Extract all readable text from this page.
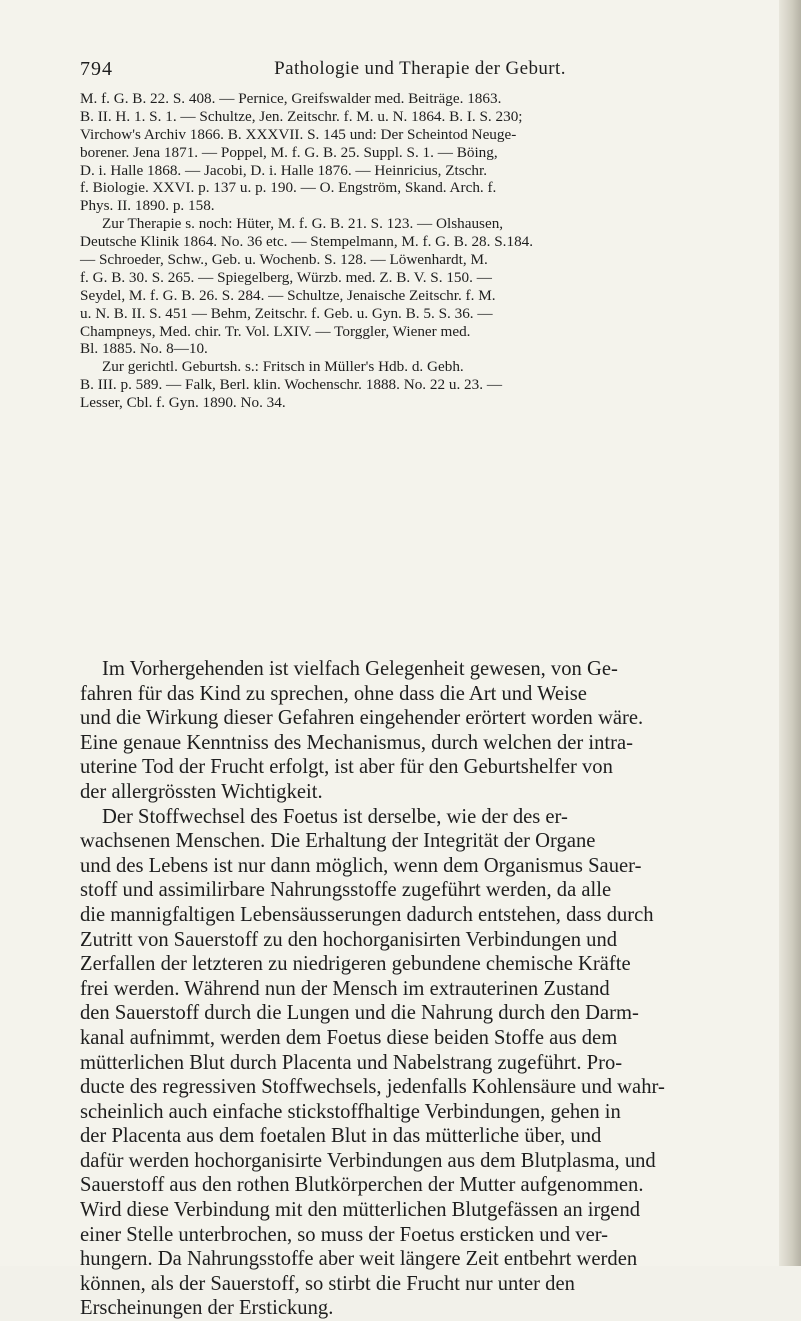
794	Pathologie und Therapie der Geburt.
M. f. G. B. 22. S. 408. — Pernice, Greifswalder med. Beiträge. 1863.
B. II. H. 1. S. 1. — Schultze, Jen. Zeitschr. f. M. u. N. 1864. B. I. S. 230;
Virchow's Archiv 1866. B. XXXVII. S. 145 und: Der Scheintod Neuge-
borener. Jena 1871. — Poppel, M. f. G. B. 25. Suppl. S. 1. — Böing,
D. i. Halle 1868. — Jacobi, D. i. Halle 1876. — Heinricius, Ztschr.
f. Biologie. XXVI. p. 137 u. p. 190. — O. Engström, Skand. Arch. f.
Phys. II. 1890. p. 158.
Zur Therapie s. noch: Hüter, M. f. G. B. 21. S. 123. — Olshausen,
Deutsche Klinik 1864. No. 36 etc. — Stempelmann, M. f. G. B. 28. S.184.
— Schroeder, Schw., Geb. u. Wochenb. S. 128. — Löwenhardt, M.
f. G. B. 30. S. 265. — Spiegelberg, Würzb. med. Z. B. V. S. 150. —
Seydel, M. f. G. B. 26. S. 284. — Schultze, Jenaische Zeitschr. f. M.
u. N. B. II. S. 451 — Behm, Zeitschr. f. Geb. u. Gyn. B. 5. S. 36. —
Champneys, Med. chir. Tr. Vol. LXIV. — Torggler, Wiener med.
Bl. 1885. No. 8—10.
Zur gerichtl. Geburtsh. s.: Fritsch in Müller's Hdb. d. Gebh.
B. III. p. 589. — Falk, Berl. klin. Wochenschr. 1888. No. 22 u. 23. —
Lesser, Cbl. f. Gyn. 1890. No. 34.
Im Vorhergehenden ist vielfach Gelegenheit gewesen, von Ge-
fahren für das Kind zu sprechen, ohne dass die Art und Weise
und die Wirkung dieser Gefahren eingehender erörtert worden wäre.
Eine genaue Kenntniss des Mechanismus, durch welchen der intra-
uterine Tod der Frucht erfolgt, ist aber für den Geburtshelfer von
der allergrössten Wichtigkeit.
Der Stoffwechsel des Foetus ist derselbe, wie der des er-
wachsenen Menschen. Die Erhaltung der Integrität der Organe
und des Lebens ist nur dann möglich, wenn dem Organismus Sauer-
stoff und assimilirbare Nahrungsstoffe zugeführt werden, da alle
die mannigfaltigen Lebensäusserungen dadurch entstehen, dass durch
Zutritt von Sauerstoff zu den hochorganisirten Verbindungen und
Zerfallen der letzteren zu niedrigeren gebundene chemische Kräfte
frei werden. Während nun der Mensch im extrauterinen Zustand
den Sauerstoff durch die Lungen und die Nahrung durch den Darm-
kanal aufnimmt, werden dem Foetus diese beiden Stoffe aus dem
mütterlichen Blut durch Placenta und Nabelstrang zugeführt. Pro-
ducte des regressiven Stoffwechsels, jedenfalls Kohlensäure und wahr-
scheinlich auch einfache stickstoffhaltige Verbindungen, gehen in
der Placenta aus dem foetalen Blut in das mütterliche über, und
dafür werden hochorganisirte Verbindungen aus dem Blutplasma, und
Sauerstoff aus den rothen Blutkörperchen der Mutter aufgenommen.
Wird diese Verbindung mit den mütterlichen Blutgefässen an irgend
einer Stelle unterbrochen, so muss der Foetus ersticken und ver-
hungern. Da Nahrungsstoffe aber weit längere Zeit entbehrt werden
können, als der Sauerstoff, so stirbt die Frucht nur unter den
Erscheinungen der Erstickung.
